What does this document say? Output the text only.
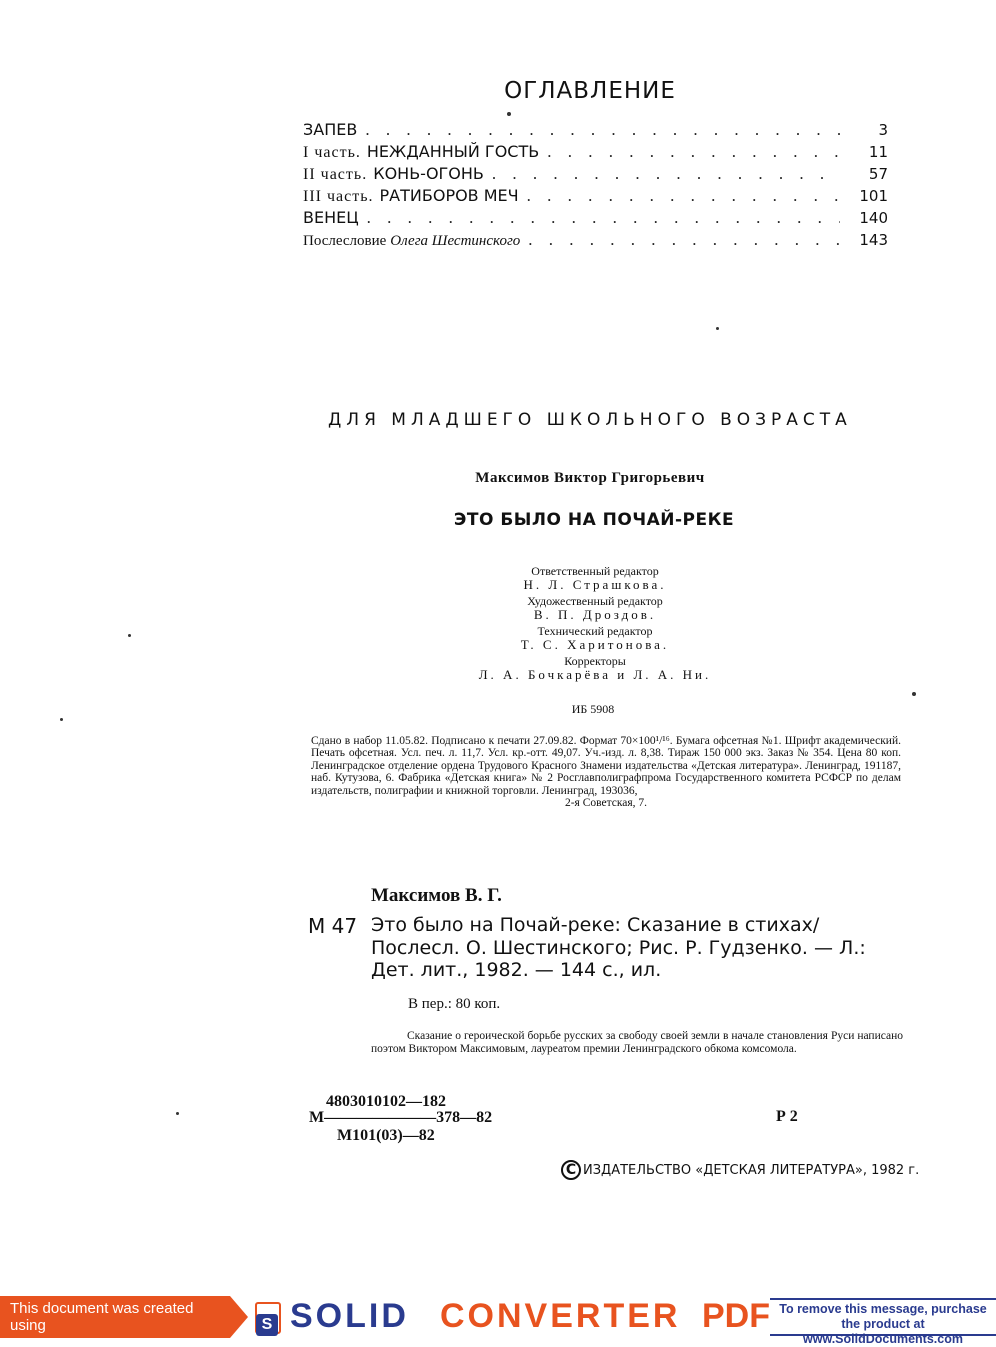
ОГЛАВЛЕНИЕ
ЗАПЕВ . . .	3
I часть. НЕЖДАННЫЙ ГОСТЬ . . .	11
II часть. КОНЬ-ОГОНЬ . . .	57
III часть. РАТИБОРОВ МЕЧ . . .	101
ВЕНЕЦ . . .	140
Послесловие Олега Шестинского . . .	143
ДЛЯ МЛАДШЕГО ШКОЛЬНОГО ВОЗРАСТА
Максимов Виктор Григорьевич
ЭТО БЫЛО НА ПОЧАЙ-РЕКЕ
Ответственный редактор
Н. Л. Страшкова.
Художественный редактор
В. П. Дроздов.
Технический редактор
Т. С. Харитонова.
Корректоры
Л. А. Бочкарёва и Л. А. Ни.
ИБ 5908
Сдано в набор 11.05.82. Подписано к печати 27.09.82. Формат 70×100¹/¹⁶. Бумага офсетная №1. Шрифт академический. Печать офсетная. Усл. печ. л. 11,7. Усл. кр.-отт. 49,07. Уч.-изд. л. 8,38. Тираж 150 000 экз. Заказ № 354. Цена 80 коп. Ленинградское отделение ордена Трудового Красного Знамени издательства «Детская литература». Ленинград, 191187, наб. Кутузова, 6. Фабрика «Детская книга» № 2 Росглавполиграфпрома Государственного комитета РСФСР по делам издательств, полиграфии и книжной торговли. Ленинград, 193036,
2-я Советская, 7.
Максимов В. Г.
М 47 Это было на Почай-реке: Сказание в стихах/

Послесл. О. Шестинского; Рис. Р. Гудзенко. — Л.:

Дет. лит., 1982. — 144 с., ил.

В пер.: 80 коп.
Сказание о героической борьбе русских за свободу своей земли в начале становления Руси написано поэтом Виктором Максимовым, лауреатом премии Ленинградского обкома комсомола.
4803010102—182
М———————378—82
М101(03)—82
Р 2
С ИЗДАТЕЛЬСТВО «ДЕТСКАЯ ЛИТЕРАТУРА», 1982 г.
This document was created using	S SOLID CONVERTER PDF To remove this message, purchase the product at www.SolidDocuments.com
